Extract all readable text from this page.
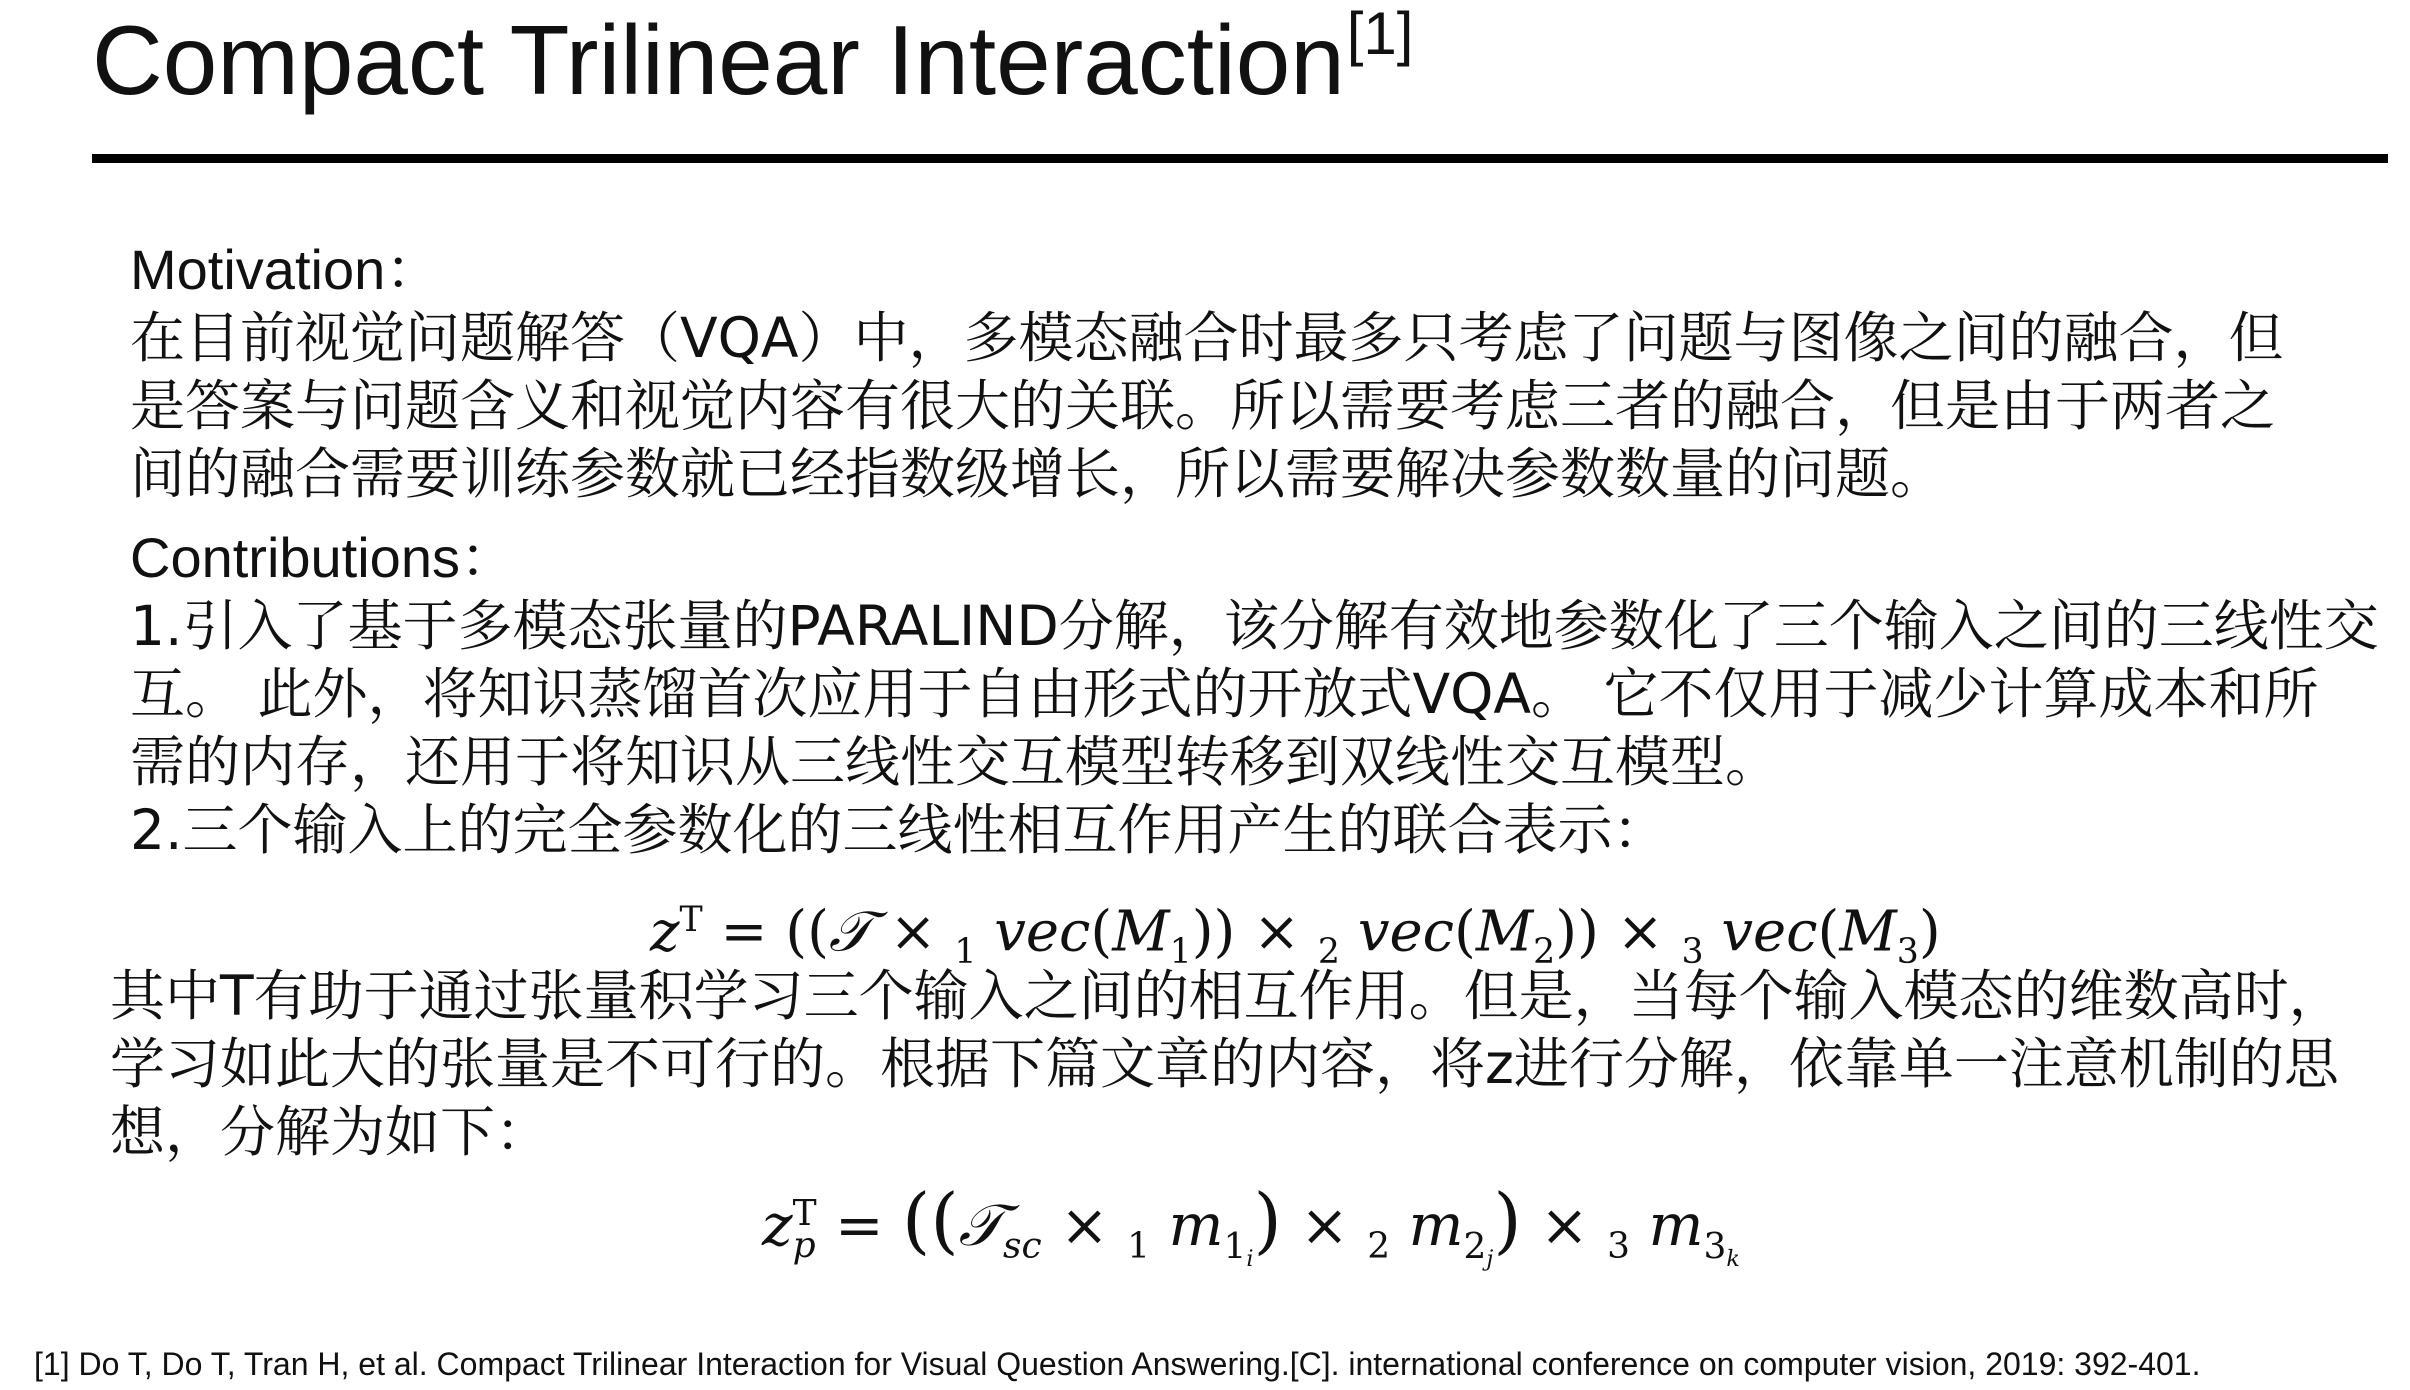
Compact Trilinear Interaction[1]
Motivation：
在目前视觉问题解答（VQA）中，多模态融合时最多只考虑了问题与图像之间的融合，但
是答案与问题含义和视觉内容有很大的关联。所以需要考虑三者的融合，但是由于两者之
间的融合需要训练参数就已经指数级增长，所以需要解决参数数量的问题。
Contributions：
1.引入了基于多模态张量的PARALIND分解，该分解有效地参数化了三个输入之间的三线性交
互。 此外，将知识蒸馏首次应用于自由形式的开放式VQA。 它不仅用于减少计算成本和所
需的内存，还用于将知识从三线性交互模型转移到双线性交互模型。
2.三个输入上的完全参数化的三线性相互作用产生的联合表示：
$z^T$ = ((𝒯 × $_1$ $vec(M_1)) \times _2$ $vec(M_2)) \times _3$ $vec(M_3)$
其中T有助于通过张量积学习三个输入之间的相互作用。但是，当每个输入模态的维数高时，
学习如此大的张量是不可行的。根据下篇文章的内容，将z进行分解，依靠单一注意机制的思
想，分解为如下：
z T
p = ((𝒯$_{sc}$ × $_1$ $m_{1_i}) \times _2$ $m_{2_j}) \times _3$ $m_{3_k}$
[1] Do T, Do T, Tran H, et al. Compact Trilinear Interaction for Visual Question Answering.[C]. international conference on computer vision, 2019: 392-401.
